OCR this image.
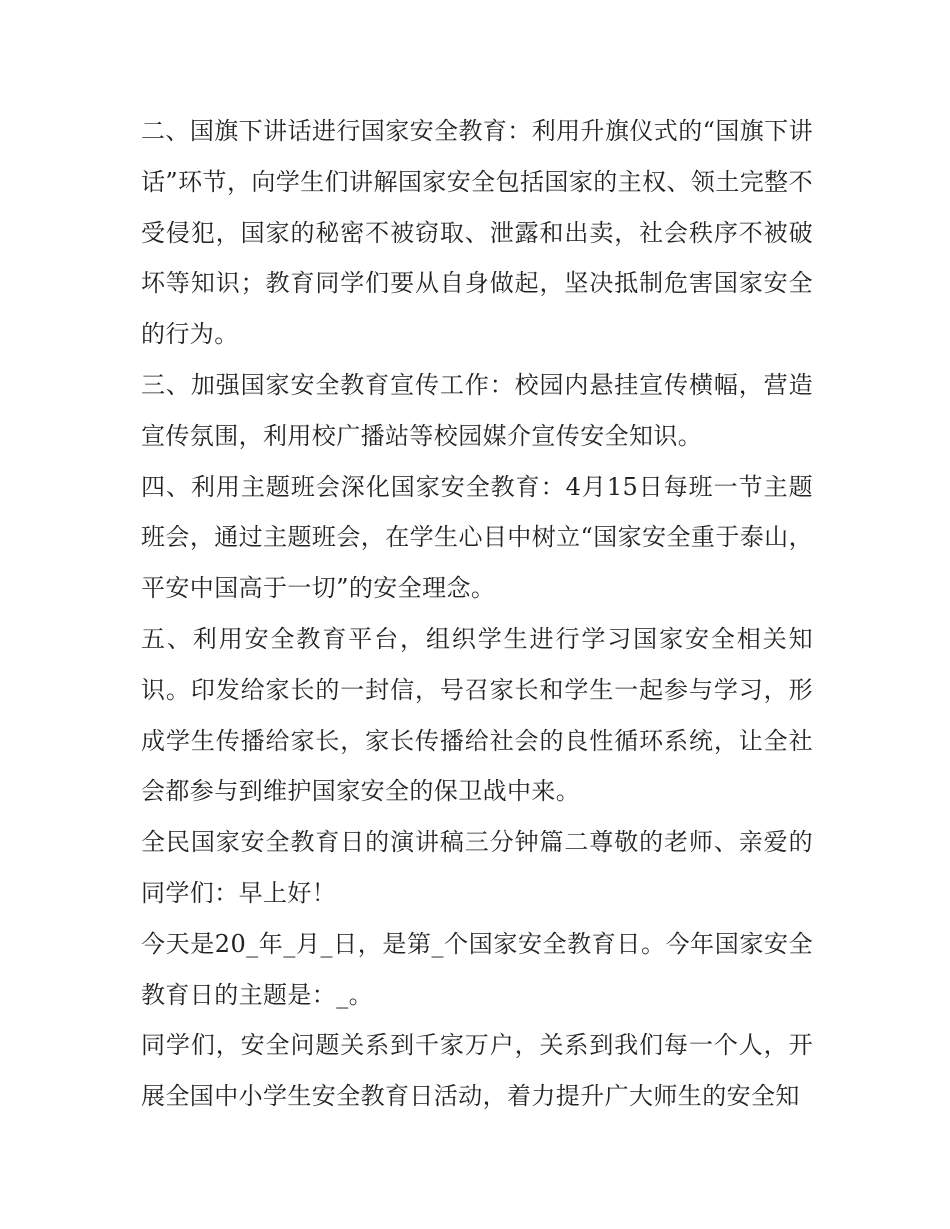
二、国旗下讲话进行国家安全教育：利用升旗仪式的“国旗下讲话”环节，向学生们讲解国家安全包括国家的主权、领土完整不受侵犯，国家的秘密不被窃取、泄露和出卖，社会秩序不被破坏等知识；教育同学们要从自身做起，坚决抵制危害国家安全的行为。

三、加强国家安全教育宣传工作：校园内悬挂宣传横幅，营造宣传氛围，利用校广播站等校园媒介宣传安全知识。

四、利用主题班会深化国家安全教育：4月15日每班一节主题班会，通过主题班会，在学生心目中树立“国家安全重于泰山，平安中国高于一切”的安全理念。

五、利用安全教育平台，组织学生进行学习国家安全相关知识。印发给家长的一封信，号召家长和学生一起参与学习，形成学生传播给家长，家长传播给社会的良性循环系统，让全社会都参与到维护国家安全的保卫战中来。

全民国家安全教育日的演讲稿三分钟篇二尊敬的老师、亲爱的同学们：早上好！

今天是20_年_月_日，是第_个国家安全教育日。今年国家安全教育日的主题是：_。

同学们，安全问题关系到千家万户，关系到我们每一个人，开展全国中小学生安全教育日活动，着力提升广大师生的安全知
